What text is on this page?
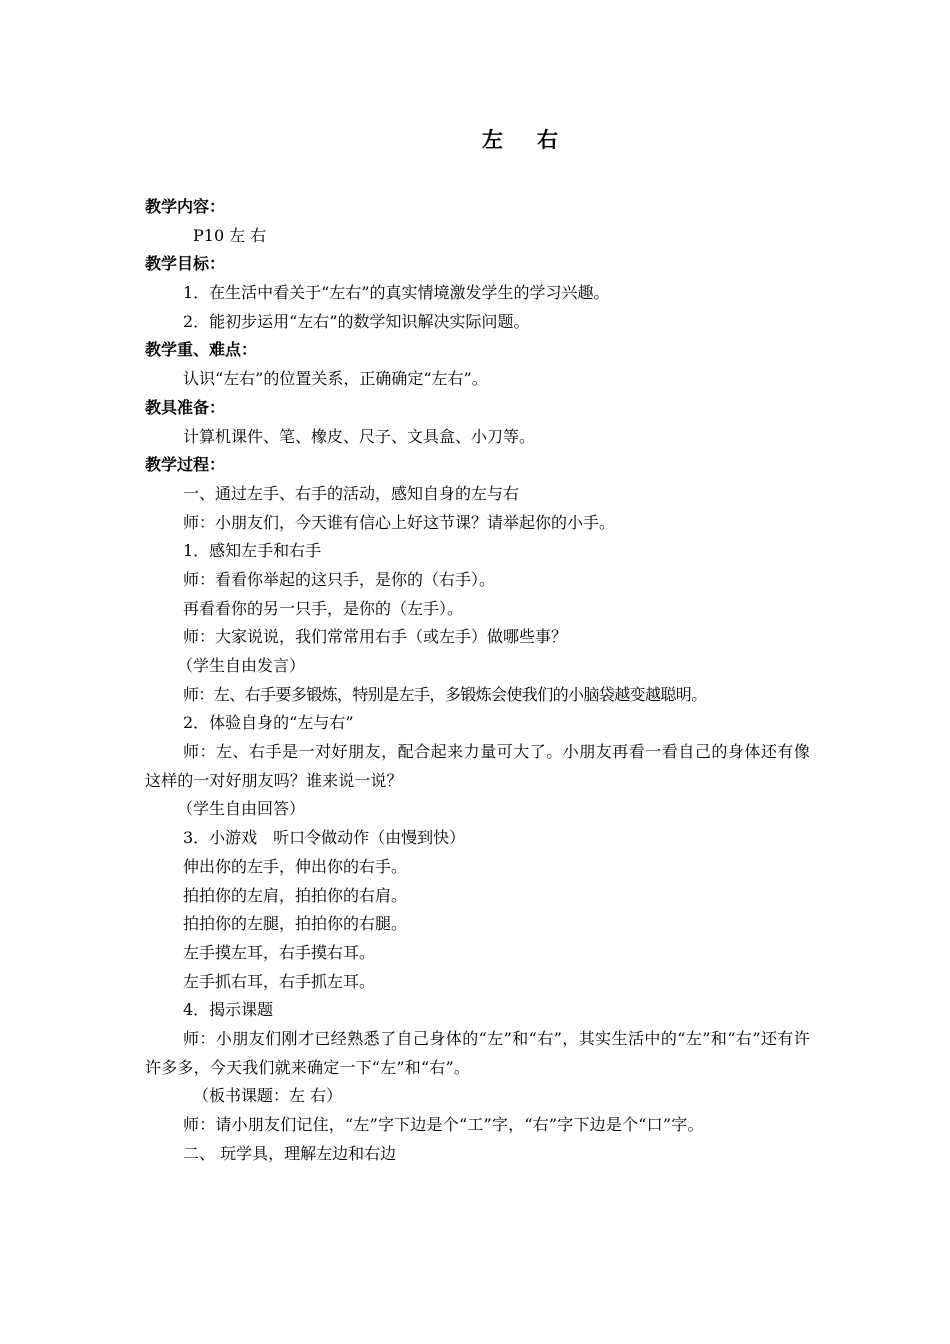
左 右
教学内容：
P10 左 右
教学目标：
1．在生活中看关于“左右”的真实情境激发学生的学习兴趣。
2．能初步运用“左右”的数学知识解决实际问题。
教学重、难点：
认识“左右”的位置关系，正确确定“左右”。
教具准备：
计算机课件、笔、橡皮、尺子、文具盒、小刀等。
教学过程：
一、通过左手、右手的活动，感知自身的左与右
师：小朋友们，今天谁有信心上好这节课？请举起你的小手。
1．感知左手和右手
师：看看你举起的这只手，是你的（右手）。
再看看你的另一只手，是你的（左手）。
师：大家说说，我们常常用右手（或左手）做哪些事？
（学生自由发言）
师：左、右手要多锻炼，特别是左手，多锻炼会使我们的小脑袋越变越聪明。
2．体验自身的“左与右”
师：左、右手是一对好朋友，配合起来力量可大了。小朋友再看一看自己的身体还有像这样的一对好朋友吗？谁来说一说？
（学生自由回答）
3．小游戏　听口令做动作（由慢到快）
伸出你的左手，伸出你的右手。
拍拍你的左肩，拍拍你的右肩。
拍拍你的左腿，拍拍你的右腿。
左手摸左耳，右手摸右耳。
左手抓右耳，右手抓左耳。
4．揭示课题
师：小朋友们刚才已经熟悉了自己身体的“左”和“右”，其实生活中的“左”和“右”还有许许多多，今天我们就来确定一下“左”和“右”。
（板书课题：左 右）
师：请小朋友们记住，“左”字下边是个“工”字，“右”字下边是个“口”字。
二、 玩学具，理解左边和右边
